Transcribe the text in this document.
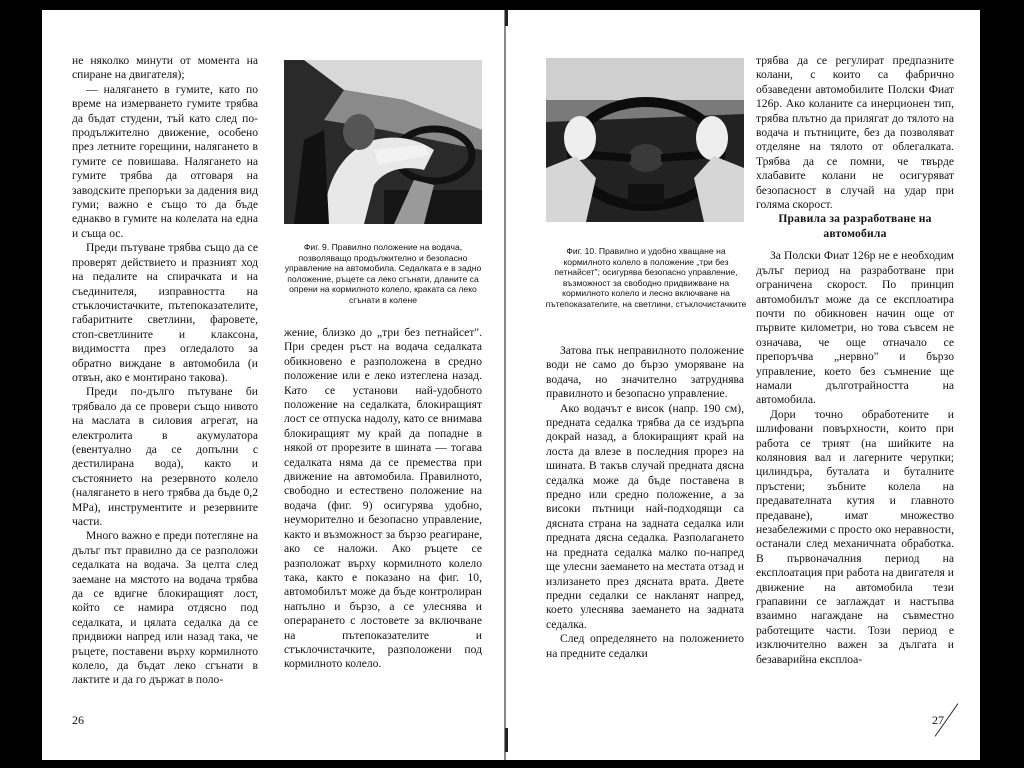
не няколко минути от момента на спиране на двигателя);

— налягането в гумите, като по време на измерването гумите трябва да бъдат студени, тъй като след по-продължително движение, особено през летните горещини, налягането в гумите се повишава. Налягането на гумите трябва да отговаря на заводските препоръки за дадения вид гуми; важно е също то да бъде еднакво в гумите на колелата на една и съща ос.

Преди пътуване трябва също да се проверят действието и празният ход на педалите на спирачката и на съединителя, изправността на стъклочистачките, пътепоказателите, габаритните светлини, фаровете, стоп-светлините и клаксона, видимостта през огледалото за обратно виждане в автомобила (и отвън, ако е монтирано такова).

Преди по-дълго пътуване би трябвало да се провери също нивото на маслата в силовия агрегат, на електролита в акумулатора (евентуално да се допълни с дестилирана вода), както и състоянието на резервното колело (налягането в него трябва да бъде 0,2 MPa), инструментите и резервните части.

Много важно е преди потеглянe на дълъг път правилно да се разположи седалката на водача. За целта след заемане на мястото на водача трябва да се вдигне блокиращият лост, който се намира отдясно под седалката, и цялата седалка да се придвижи напред или назад така, че ръцете, поставени върху кормилното колело, да бъдат леко сгънати в лактите и да го държат в поло-

Фиг. 9. Правилно положение на водача, позволяващо продължително и безопасно управление на автомобила. Седалката е в задно положение, ръцете са леко сгънати, дланите са опрени на кормилното колело, краката са леко сгънати в колене

жение, близко до „три без петнайсет". При среден ръст на водача седалката обикновено е разположена в средно положение или е леко изтеглена назад. Като се установи най-удобното положение на седалката, блокиращият лост се отпуска надолу, като се внимава блокиращият му край да попадне в някой от прорезите в шината — тогава седалката няма да се премества при движение на автомобила. Правилното, свободно и естествено положение на водача (фиг. 9) осигурява удобно, неуморително и безопасно управление, както и възможност за бързо реагиране, ако се наложи. Ако ръцете се разположат върху кормилното колело така, както е показано на фиг. 10, автомобилът може да бъде контролиран напълно и бързо, а се улеснява и операрането с лостовете за включване на пътепоказателите и стъклочистачките, разположени под кормилното колело.

26
Фиг. 10. Правилно и удобно хващане на кормилното колело в положение „три без петнайсет"; осигурява безопасно управление, възможност за свободно придвижване на кормилното колело и лесно включване на пътепоказателите, на светлини, стъклочистачките

Затова пък неправилното положение води не само до бързо уморяване на водача, но значително затруднява правилното и безопасно управление.

Ако водачът е висок (напр. 190 см), предната седалка трябва да се издърпа докрай назад, а блокиращият край на лоста да влезе в последния прорез на шината. В такъв случай предната дясна седалка може да бъде поставена в предно или средно положение, а за високи пътници най-подходящи са дясната страна на задната седалка или предната дясна седалка. Разполагането на предната седалка малко по-напред ще улесни заемането на местата отзад и излизането през дясната врата. Двете предни седалки се накланят напред, което улеснява заемането на задната седалка.

След определянето на положението на предните седалки

трябва да се регулират предпазните колани, с които са фабрично обзаведени автомобилите Полски Фиат 126р. Ако коланите са инерционен тип, трябва плътно да прилягат до тялото на водача и пътниците, без да позволяват отделяне на тялото от облегалката. Трябва да се помни, че твърде хлабавите колани не осигуряват безопасност в случай на удар при голяма скорост.

Правила за разработване на автомобила

За Полски Фиат 126р не е необходим дълъг период на разработване при ограничена скорост. По принцип автомобилът може да се експлоатира почти по обикновен начин още от първите километри, но това съвсем не означава, че още отначало се препоръчва „нервно" и бързо управление, което без съмнение ще намали дълготрайността на автомобила.

Дори точно обработените и шлифовани повърхности, които при работа се трият (на шийките на коляновия вал и лагерните черупки; цилиндъра, буталата и буталните пръстени; зъбните колела на предавателната кутия и главното предаване), имат множество незабележими с просто око неравности, останали след механичната обработка. В първоначалния период на експлоатация при работа на двигателя и движение на автомобила тези грапавини се заглаждат и настъпва взаимно нагаждане на съвместно работещите части. Този период е изключително важен за дългата и безаварийна експлоа-

27
